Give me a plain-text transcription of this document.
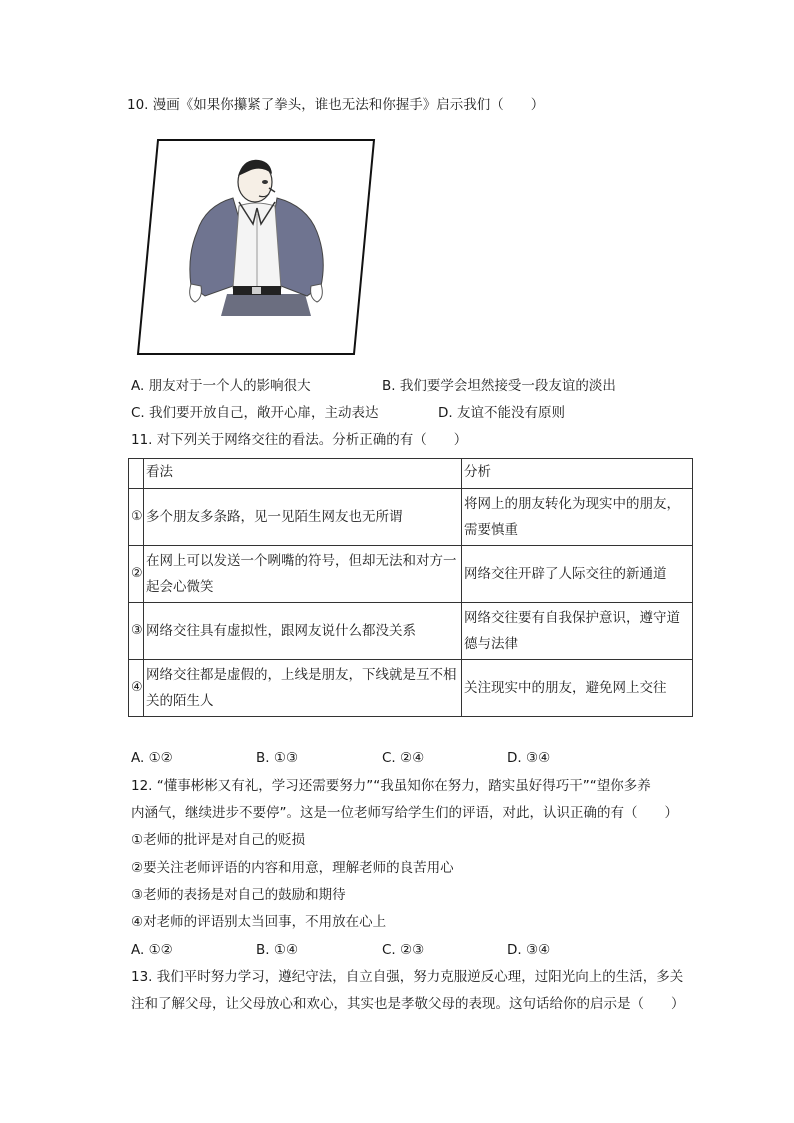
10. 漫画《如果你攥紧了拳头，谁也无法和你握手》启示我们（　　）
A. 朋友对于一个人的影响很大	B. 我们要学会坦然接受一段友谊的淡出
C. 我们要开放自己，敞开心扉，主动表达	D. 友谊不能没有原则
11. 对下列关于网络交往的看法。分析正确的有（　　）
	看法	分析
①	多个朋友多条路，见一见陌生网友也无所谓	将网上的朋友转化为现实中的朋友，
需要慎重
②	在网上可以发送一个咧嘴的符号，但却无法和对方一
起会心微笑	网络交往开辟了人际交往的新通道
③	网络交往具有虚拟性，跟网友说什么都没关系	网络交往要有自我保护意识，遵守道
德与法律
④	网络交往都是虚假的，上线是朋友，下线就是互不相
关的陌生人	关注现实中的朋友，避免网上交往
A. ①②	B. ①③	C. ②④	D. ③④
12. “懂事彬彬又有礼，学习还需要努力”“我虽知你在努力，踏实虽好得巧干”“望你多养
内涵气，继续进步不要停”。这是一位老师写给学生们的评语，对此，认识正确的有（　　）
①老师的批评是对自己的贬损
②要关注老师评语的内容和用意，理解老师的良苦用心
③老师的表扬是对自己的鼓励和期待
④对老师的评语别太当回事，不用放在心上
A. ①②	B. ①④	C. ②③	D. ③④
13. 我们平时努力学习，遵纪守法，自立自强，努力克服逆反心理，过阳光向上的生活，多关
注和了解父母，让父母放心和欢心，其实也是孝敬父母的表现。这句话给你的启示是（　　）
